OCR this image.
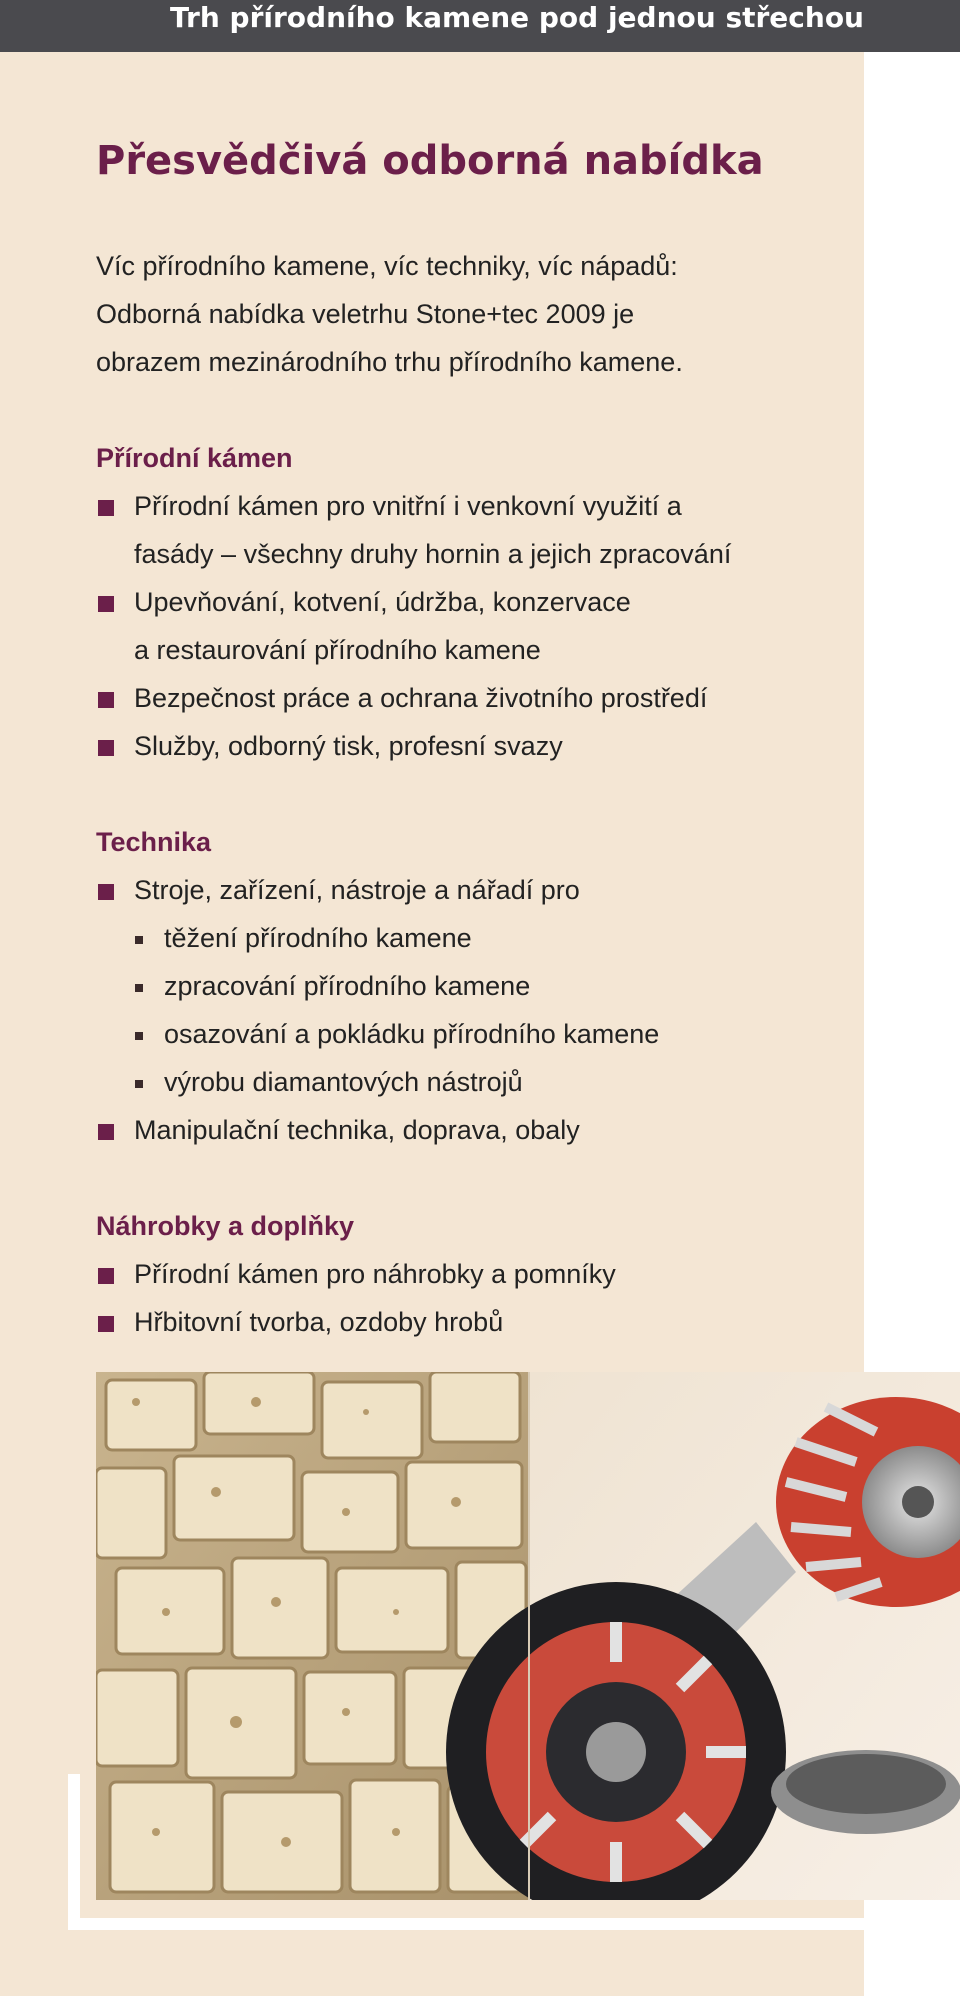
Trh přírodního kamene pod jednou střechou
Přesvědčivá odborná nabídka
Víc přírodního kamene, víc techniky, víc nápadů:
Odborná nabídka veletrhu Stone+tec 2009 je
obrazem mezinárodního trhu přírodního kamene.
Přírodní kámen
Přírodní kámen pro vnitřní i venkovní využití a
fasády – všechny druhy hornin a jejich zpracování
Upevňování, kotvení, údržba, konzervace
a restaurování přírodního kamene
Bezpečnost práce a ochrana životního prostředí
Služby, odborný tisk, profesní svazy
Technika
Stroje, zařízení, nástroje a nářadí pro
těžení přírodního kamene
zpracování přírodního kamene
osazování a pokládku přírodního kamene
výrobu diamantových nástrojů
Manipulační technika, doprava, obaly
Náhrobky a doplňky
Přírodní kámen pro náhrobky a pomníky
Hřbitovní tvorba, ozdoby hrobů
